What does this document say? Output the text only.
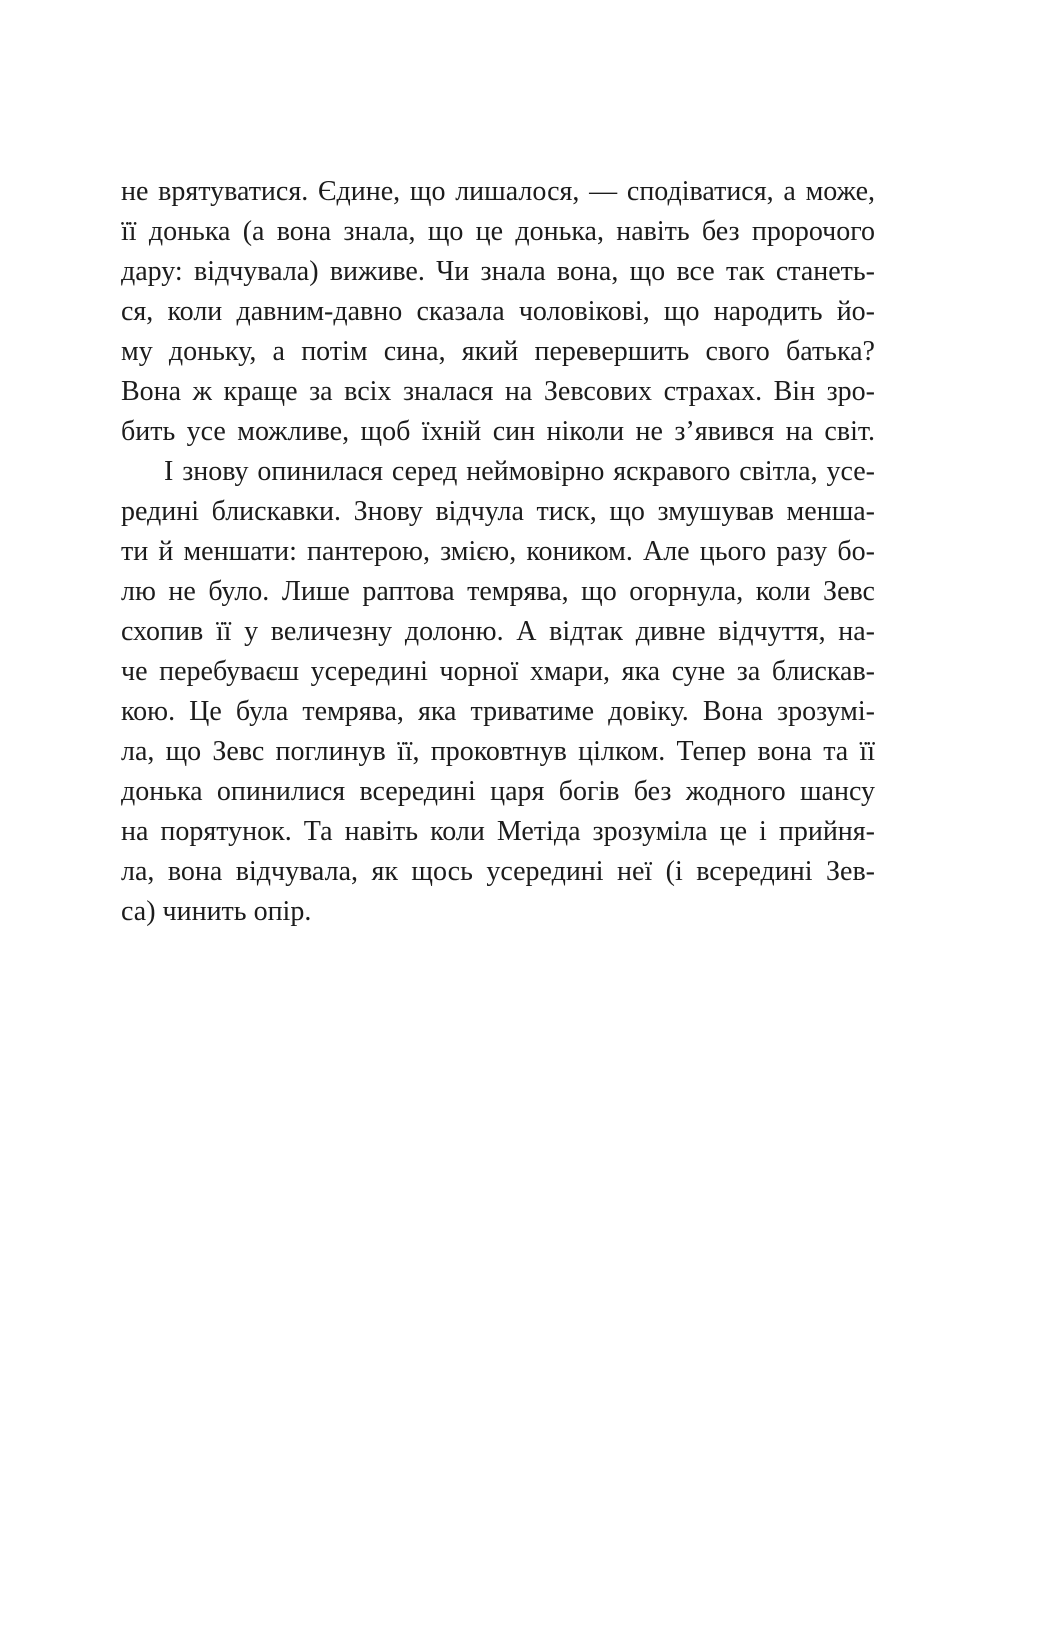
не врятуватися. Єдине, що лишалося, — сподіватися, а може,
її донька (а вона знала, що це донька, навіть без пророчого
дару: відчувала) виживе. Чи знала вона, що все так станеть-
ся, коли давним-давно сказала чоловікові, що народить йо-
му доньку, а потім сина, який перевершить свого батька?
Вона ж краще за всіх зналася на Зевсових страхах. Він зро-
бить усе можливе, щоб їхній син ніколи не з’явився на світ.
І знову опинилася серед неймовірно яскравого світла, усе-
редині блискавки. Знову відчула тиск, що змушував менша-
ти й меншати: пантерою, змією, коником. Але цього разу бо-
лю не було. Лише раптова темрява, що огорнула, коли Зевс
схопив її у величезну долоню. А відтак дивне відчуття, на-
че перебуваєш усередині чорної хмари, яка суне за блискав-
кою. Це була темрява, яка триватиме довіку. Вона зрозумі-
ла, що Зевс поглинув її, проковтнув цілком. Тепер вона та її
донька опинилися всередині царя богів без жодного шансу
на порятунок. Та навіть коли Метіда зрозуміла це і прийня-
ла, вона відчувала, як щось усередині неї (і всередині Зев-
са) чинить опір.
